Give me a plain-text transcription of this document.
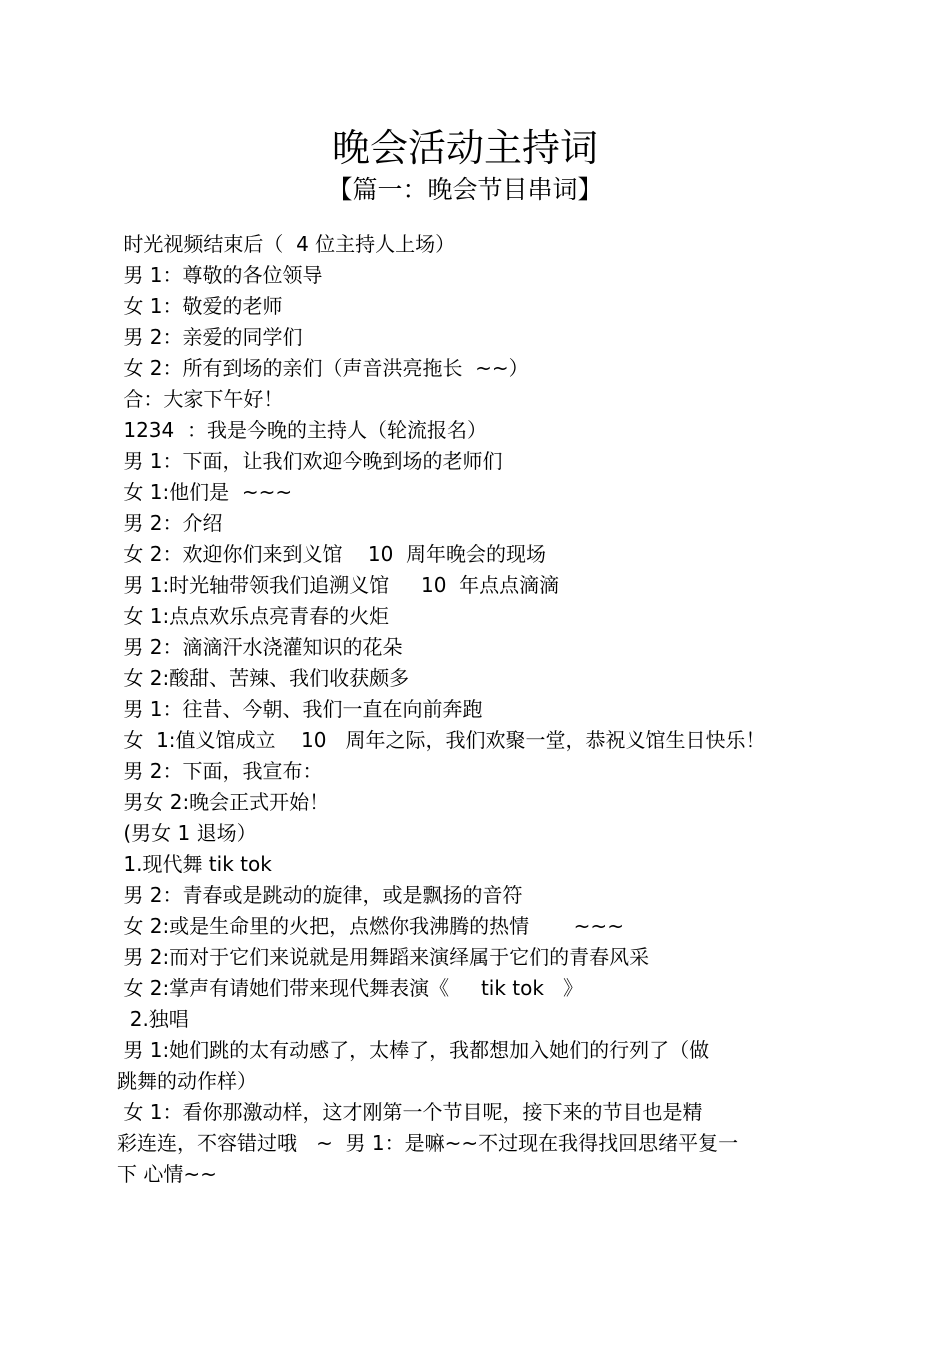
晚会活动主持词
【篇一：晚会节目串词】
时光视频结束后（  4 位主持人上场）
男 1：尊敬的各位领导
女 1：敬爱的老师
男 2：亲爱的同学们
女 2：所有到场的亲们（声音洪亮拖长  ~~）
合：大家下午好！
1234  ：我是今晚的主持人（轮流报名）
男 1：下面，让我们欢迎今晚到场的老师们
女 1:他们是  ~~~
男 2：介绍
女 2：欢迎你们来到义馆    10  周年晚会的现场
男 1:时光轴带领我们追溯义馆     10  年点点滴滴
女 1:点点欢乐点亮青春的火炬
男 2：滴滴汗水浇灌知识的花朵
女 2:酸甜、苦辣、我们收获颇多
男 1：往昔、今朝、我们一直在向前奔跑
女  1:值义馆成立    10   周年之际，我们欢聚一堂，恭祝义馆生日快乐！
男 2：下面，我宣布：
男女 2:晚会正式开始！
(男女 1 退场）
1.现代舞 tik tok
男 2：青春或是跳动的旋律，或是飘扬的音符
女 2:或是生命里的火把，点燃你我沸腾的热情       ~~~
男 2:而对于它们来说就是用舞蹈来演绎属于它们的青春风采
女 2:掌声有请她们带来现代舞表演《     tik tok   》
2.独唱
男 1:她们跳的太有动感了，太棒了，我都想加入她们的行列了（做
跳舞的动作样）
女 1：看你那激动样，这才刚第一个节目呢，接下来的节目也是精
彩连连，不容错过哦   ~  男 1：是嘛~~不过现在我得找回思绪平复一
下 心情~~
